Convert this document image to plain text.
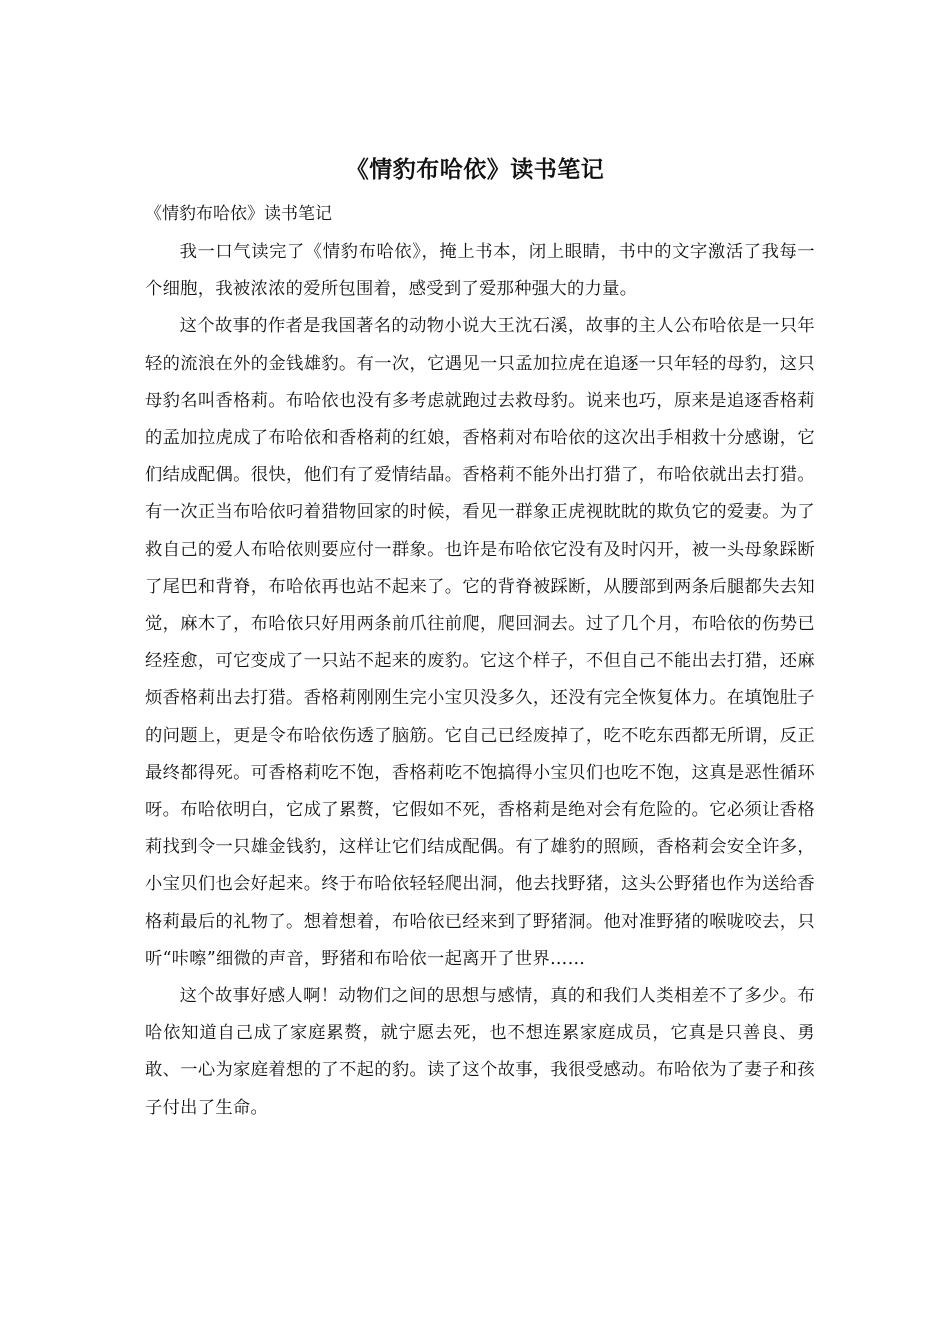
《情豹布哈依》读书笔记
《情豹布哈依》读书笔记

我一口气读完了《情豹布哈依》，掩上书本，闭上眼睛，书中的文字激活了我每一个细胞，我被浓浓的爱所包围着，感受到了爱那种强大的力量。

这个故事的作者是我国著名的动物小说大王沈石溪，故事的主人公布哈依是一只年轻的流浪在外的金钱雄豹。有一次，它遇见一只孟加拉虎在追逐一只年轻的母豹，这只母豹名叫香格莉。布哈依也没有多考虑就跑过去救母豹。说来也巧，原来是追逐香格莉的孟加拉虎成了布哈依和香格莉的红娘，香格莉对布哈依的这次出手相救十分感谢，它们结成配偶。很快，他们有了爱情结晶。香格莉不能外出打猎了，布哈依就出去打猎。有一次正当布哈依叼着猎物回家的时候，看见一群象正虎视眈眈的欺负它的爱妻。为了救自己的爱人布哈依则要应付一群象。也许是布哈依它没有及时闪开，被一头母象踩断了尾巴和背脊，布哈依再也站不起来了。它的背脊被踩断，从腰部到两条后腿都失去知觉，麻木了，布哈依只好用两条前爪往前爬，爬回洞去。过了几个月，布哈依的伤势已经痊愈，可它变成了一只站不起来的废豹。它这个样子，不但自己不能出去打猎，还麻烦香格莉出去打猎。香格莉刚刚生完小宝贝没多久，还没有完全恢复体力。在填饱肚子的问题上，更是令布哈依伤透了脑筋。它自己已经废掉了，吃不吃东西都无所谓，反正最终都得死。可香格莉吃不饱，香格莉吃不饱搞得小宝贝们也吃不饱，这真是恶性循环呀。布哈依明白，它成了累赘，它假如不死，香格莉是绝对会有危险的。它必须让香格莉找到令一只雄金钱豹，这样让它们结成配偶。有了雄豹的照顾，香格莉会安全许多，小宝贝们也会好起来。终于布哈依轻轻爬出洞，他去找野猪，这头公野猪也作为送给香格莉最后的礼物了。想着想着，布哈依已经来到了野猪洞。他对准野猪的喉咙咬去，只听“咔嚓”细微的声音，野猪和布哈依一起离开了世界……

这个故事好感人啊！动物们之间的思想与感情，真的和我们人类相差不了多少。布哈依知道自己成了家庭累赘，就宁愿去死，也不想连累家庭成员，它真是只善良、勇敢、一心为家庭着想的了不起的豹。读了这个故事，我很受感动。布哈依为了妻子和孩子付出了生命。
